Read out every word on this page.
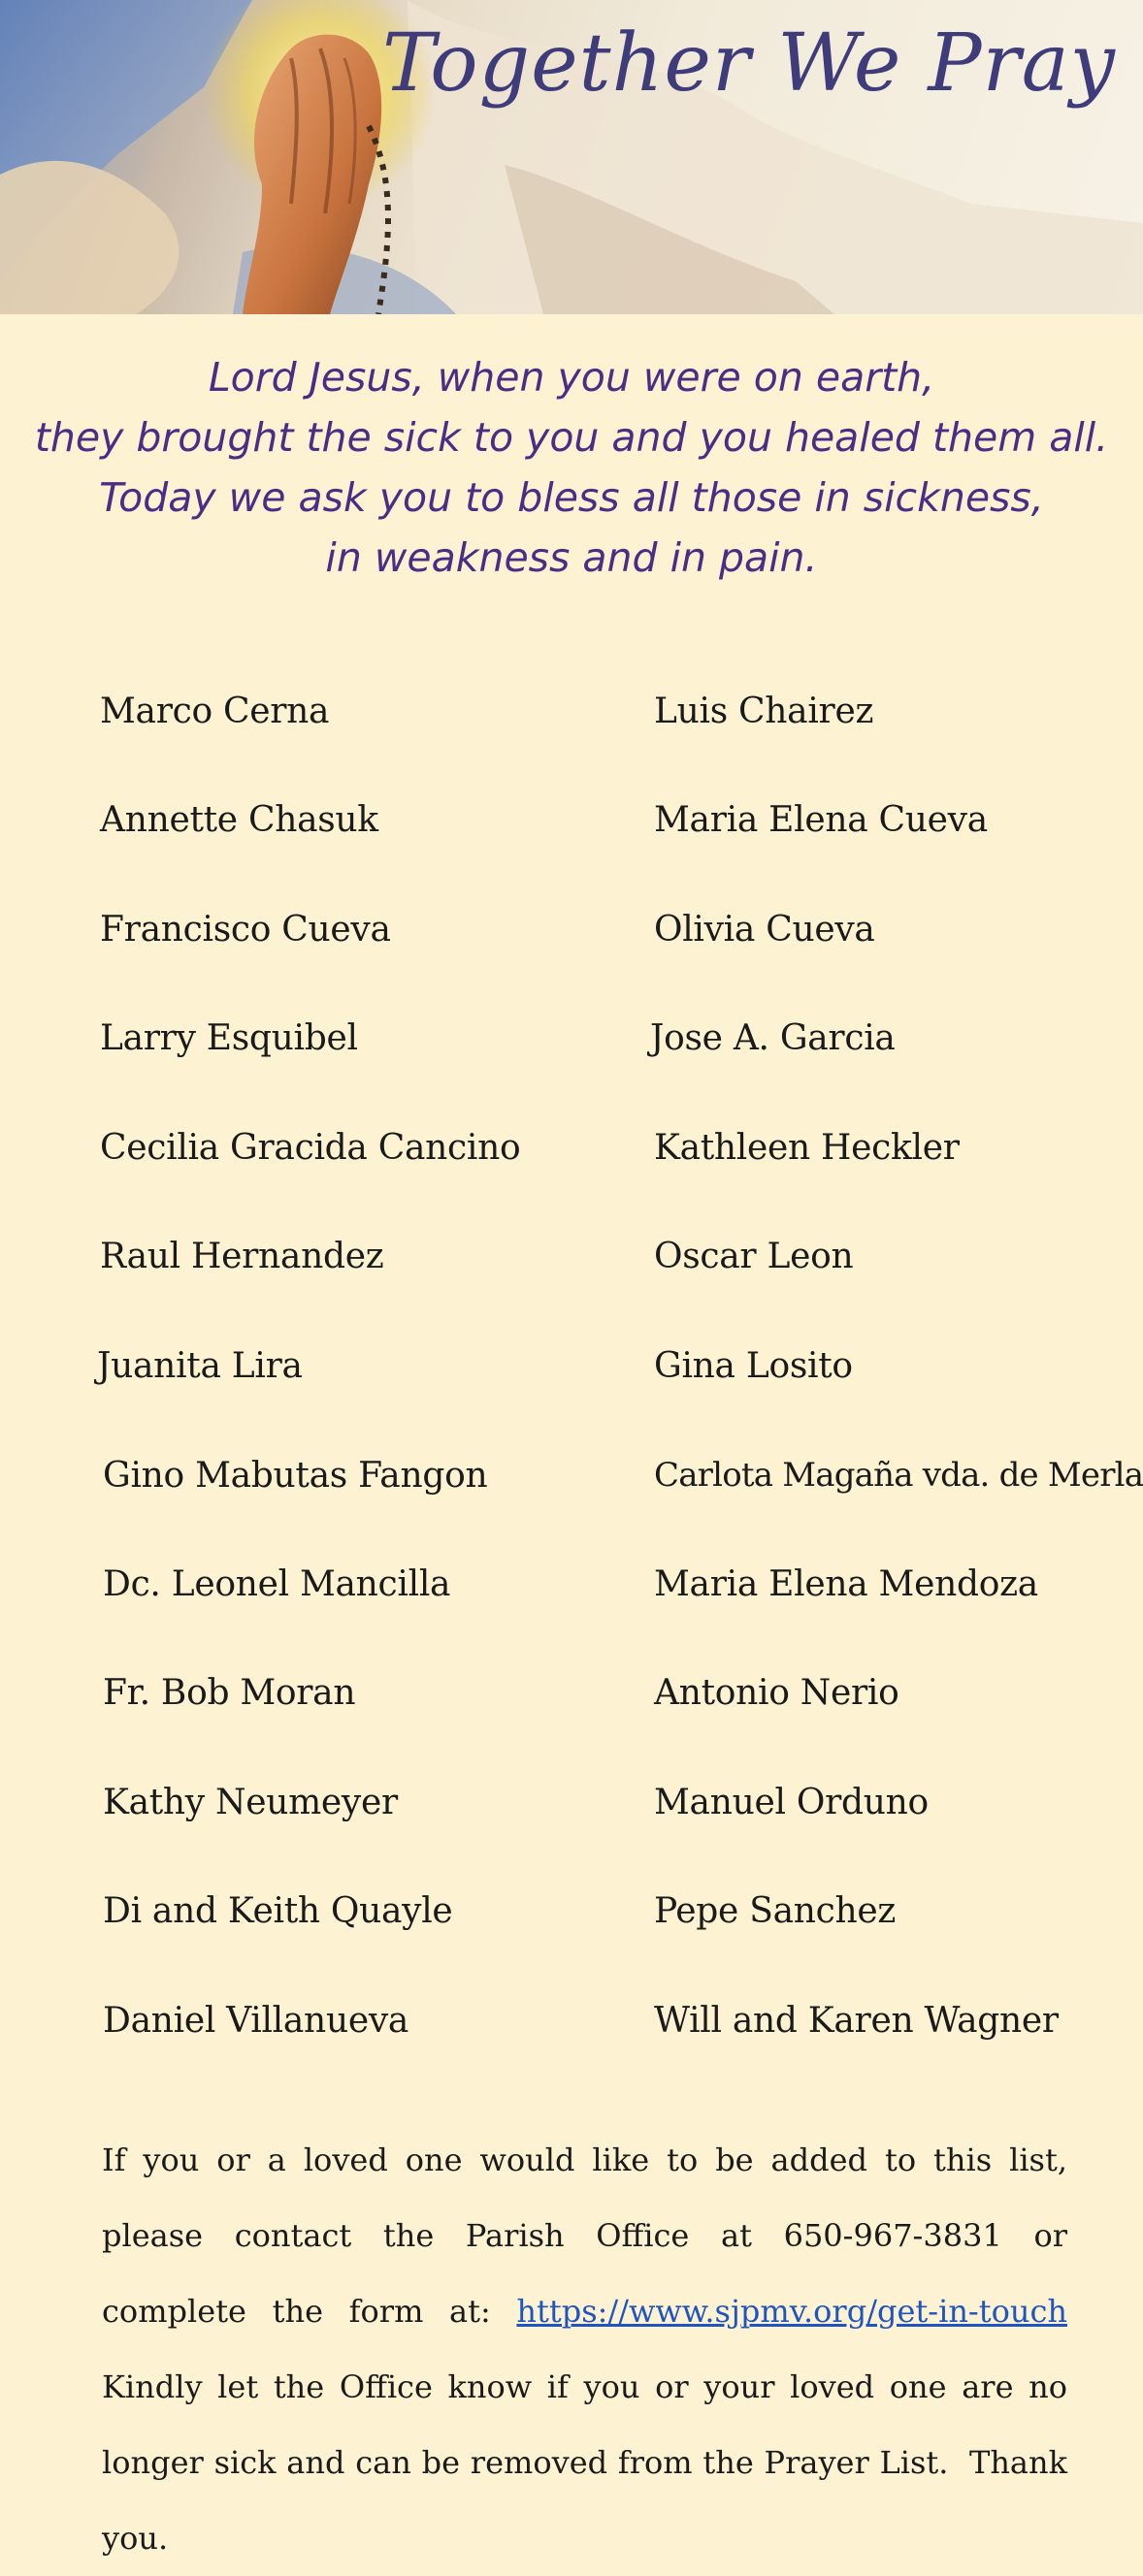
Together We Pray
Lord Jesus, when you were on earth,
they brought the sick to you and you healed them all.
Today we ask you to bless all those in sickness,
in weakness and in pain.
Marco Cerna
Annette Chasuk
Francisco Cueva
Larry Esquibel
Cecilia Gracida Cancino
Raul Hernandez
Juanita Lira
Gino Mabutas Fangon
Dc. Leonel Mancilla
Fr. Bob Moran
Kathy Neumeyer
Di and Keith Quayle
Daniel Villanueva
Luis Chairez
Maria Elena Cueva
Olivia Cueva
Jose A. Garcia
Kathleen Heckler
Oscar Leon
Gina Losito
Carlota Magaña vda. de Merla
Maria Elena Mendoza
Antonio Nerio
Manuel Orduno
Pepe Sanchez
Will and Karen Wagner
If you or a loved one would like to be added to this list, please contact the Parish Office at 650-967-3831 or complete the form at: https://www.sjpmv.org/get-in-touch   Kindly let the Office know if you or your loved one are no longer sick and can be removed from the Prayer List.  Thank you.
